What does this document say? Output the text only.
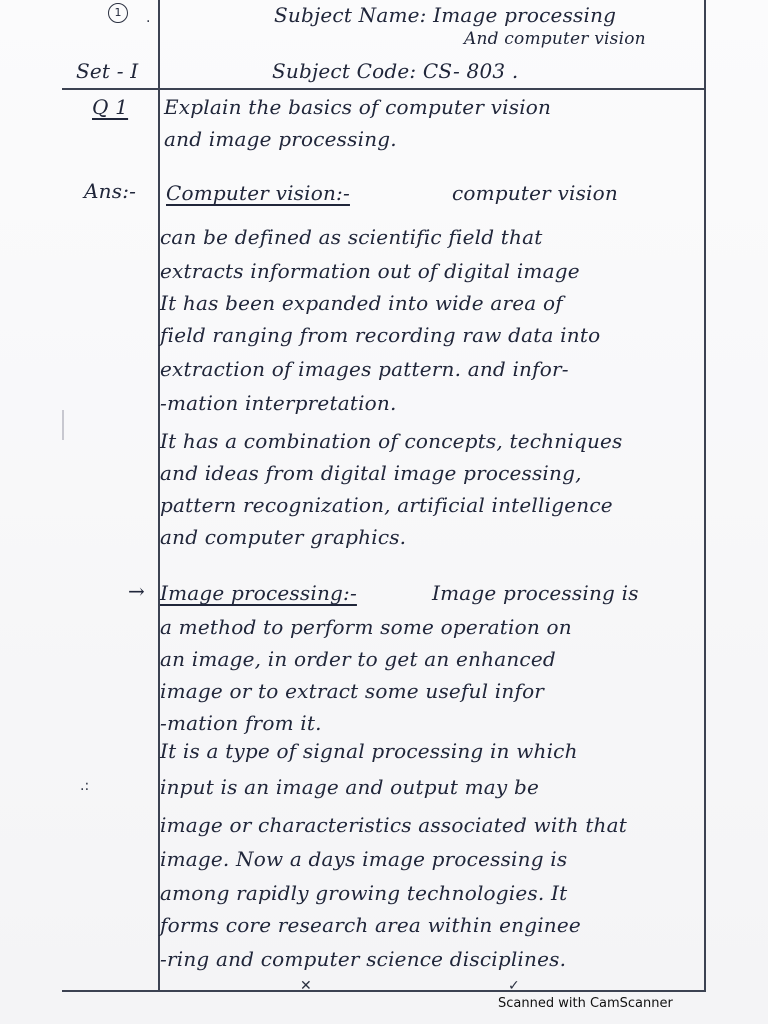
1	.	Subject Name: Image processing
And computer vision
Set - I	Subject Code: CS- 803 .
Q 1 Explain the basics of computer vision
and image processing.
Ans:- Computer vision:-	computer vision
can be defined as scientific field that
extracts information out of digital image
It has been expanded into wide area of
field ranging from recording raw data into
extraction of images pattern. and infor-
-mation interpretation.
It has a combination of concepts, techniques
and ideas from digital image processing,
pattern recognization, artificial intelligence
and computer graphics.
→ Image processing:-	Image processing is
a method to perform some operation on
an image, in order to get an enhanced
image or to extract some useful infor
-mation from it.
It is a type of signal processing in which
input is an image and output may be
image or characteristics associated with that
image. Now a days image processing is
among rapidly growing technologies. It
forms core research area within enginee
-ring and computer science disciplines.
.:
✕	✓
Scanned with CamScanner
